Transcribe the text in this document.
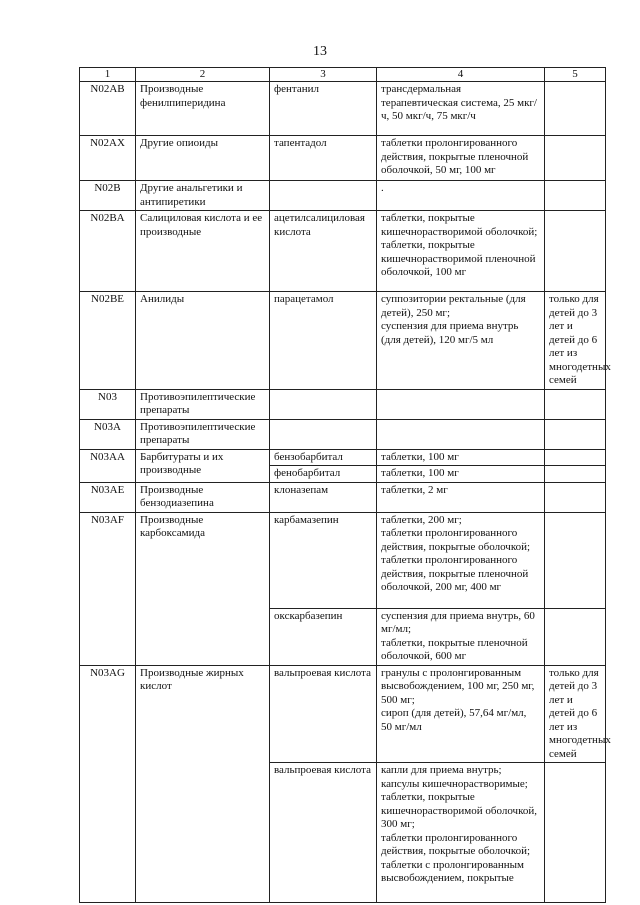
13
1	2	3	4	5
N02AB	Производные фенилпиперидина	фентанил	трансдермальная терапевтическая система, 25 мкг/ч, 50 мкг/ч, 75 мкг/ч	

N02AX	Другие опиоиды	тапентадол	таблетки пролонгированного действия, покрытые пленочной оболочкой, 50 мг, 100 мг	

N02B	Другие анальгетики и антипиретики		.	

N02BA	Салициловая кислота и ее производные	ацетилсалициловая кислота	таблетки, покрытые кишечнорастворимой оболочкой;
таблетки, покрытые кишечнорастворимой пленочной оболочкой, 100 мг	

N02BE	Анилиды	парацетамол	суппозитории ректальные (для детей), 250 мг;
суспензия для приема внутрь (для детей), 120 мг/5 мл	только для детей до 3 лет и детей до 6 лет из многодетных семей
N03	Противоэпилептические препараты			
N03A	Противоэпилептические препараты			
N03AA	Барбитураты и их производные	бензобарбитал	таблетки, 100 мг	

		фенобарбитал	таблетки, 100 мг	

N03AE	Производные бензодиазепина	клоназепам	таблетки, 2 мг	

N03AF	Производные карбоксамида	карбамазепин	таблетки, 200 мг;
таблетки пролонгированного действия, покрытые оболочкой;
таблетки пролонгированного действия, покрытые пленочной оболочкой, 200 мг, 400 мг	

		окскарбазепин	суспензия для приема внутрь, 60 мг/мл;
таблетки, покрытые пленочной оболочкой, 600 мг	

N03AG	Производные жирных кислот	вальпроевая кислота	гранулы с пролонгированным высвобождением, 100 мг, 250 мг, 500 мг;
сироп (для детей), 57,64 мг/мл, 50 мг/мл	только для детей до 3 лет и детей до 6 лет из многодетных семей
		вальпроевая кислота	капли для приема внутрь;
капсулы кишечнорастворимые;
таблетки, покрытые кишечнорастворимой оболочкой, 300 мг;
таблетки пролонгированного действия, покрытые оболочкой;
таблетки с пролонгированным высвобождением, покрытые	
